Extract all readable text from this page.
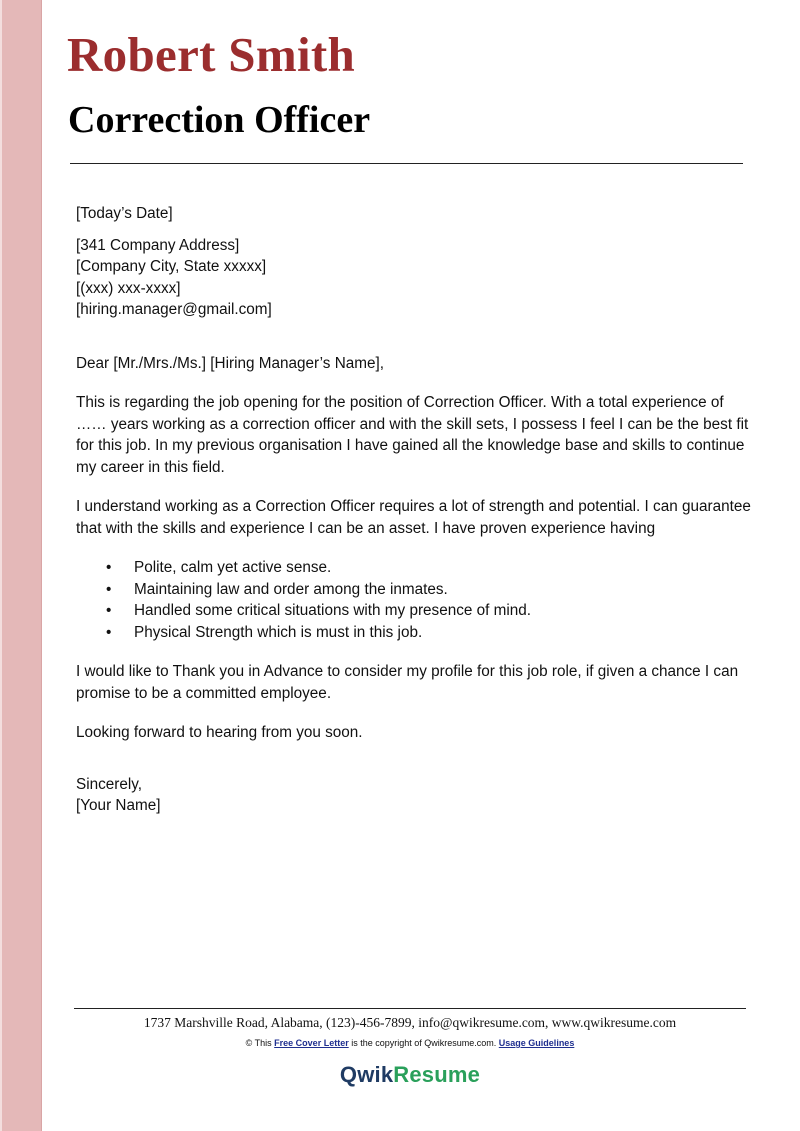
Robert Smith
Correction Officer

[Today’s Date]

[341 Company Address]

[Company City, State xxxxx]

[(xxx) xxx-xxxx]

[hiring.manager@gmail.com]

Dear [Mr./Mrs./Ms.] [Hiring Manager’s Name],

This is regarding the job opening for the position of Correction Officer. With a total experience of …… years working as a correction officer and with the skill sets, I possess I feel I can be the best fit for this job. In my previous organisation I have gained all the knowledge base and skills to continue my career in this field.

I understand working as a Correction Officer requires a lot of strength and potential. I can guarantee that with the skills and experience I can be an asset. I have proven experience having

• Polite, calm yet active sense.
• Maintaining law and order among the inmates.
• Handled some critical situations with my presence of mind.
• Physical Strength which is must in this job.

I would like to Thank you in Advance to consider my profile for this job role, if given a chance I can promise to be a committed employee.

Looking forward to hearing from you soon.

Sincerely,

[Your Name]

1737 Marshville Road, Alabama, (123)-456-7899, info@qwikresume.com, www.qwikresume.com
© This Free Cover Letter is the copyright of Qwikresume.com. Usage Guidelines
QwikResume
